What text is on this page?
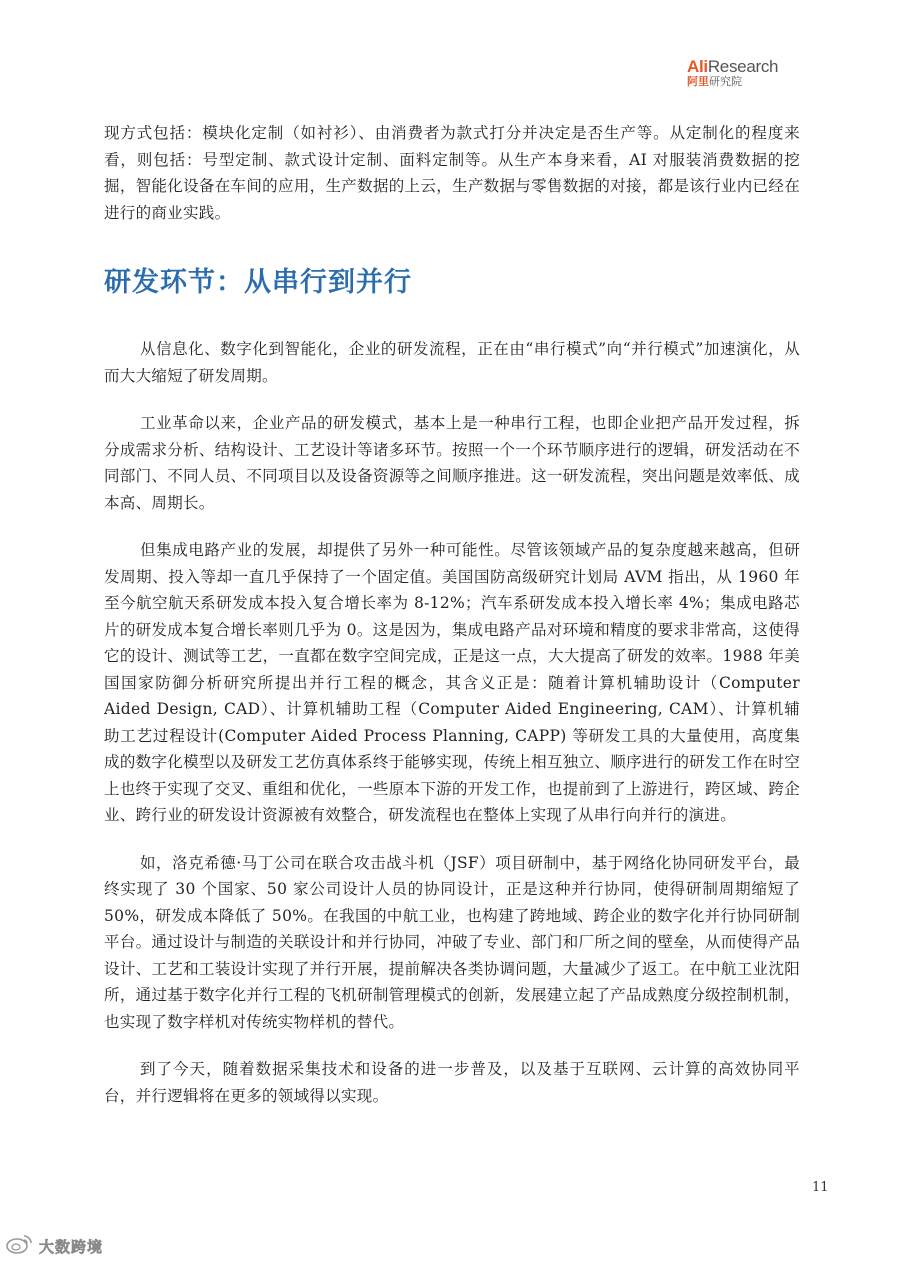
AliResearch
阿里研究院

现方式包括：模块化定制（如衬衫）、由消费者为款式打分并决定是否生产等。从定制化的程度来看，则包括：号型定制、款式设计定制、面料定制等。从生产本身来看，AI 对服装消费数据的挖掘，智能化设备在车间的应用，生产数据的上云，生产数据与零售数据的对接，都是该行业内已经在进行的商业实践。

研发环节：从串行到并行

从信息化、数字化到智能化，企业的研发流程，正在由“串行模式”向“并行模式”加速演化，从而大大缩短了研发周期。

工业革命以来，企业产品的研发模式，基本上是一种串行工程，也即企业把产品开发过程，拆分成需求分析、结构设计、工艺设计等诸多环节。按照一个一个环节顺序进行的逻辑，研发活动在不同部门、不同人员、不同项目以及设备资源等之间顺序推进。这一研发流程，突出问题是效率低、成本高、周期长。

但集成电路产业的发展，却提供了另外一种可能性。尽管该领域产品的复杂度越来越高，但研发周期、投入等却一直几乎保持了一个固定值。美国国防高级研究计划局 AVM 指出，从 1960 年至今航空航天系研发成本投入复合增长率为 8-12%；汽车系研发成本投入增长率 4%；集成电路芯片的研发成本复合增长率则几乎为 0。这是因为，集成电路产品对环境和精度的要求非常高，这使得它的设计、测试等工艺，一直都在数字空间完成，正是这一点，大大提高了研发的效率。1988 年美国国家防御分析研究所提出并行工程的概念，其含义正是：随着计算机辅助设计（Computer Aided Design, CAD）、计算机辅助工程（Computer Aided Engineering, CAM）、计算机辅助工艺过程设计(Computer Aided Process Planning, CAPP) 等研发工具的大量使用，高度集成的数字化模型以及研发工艺仿真体系终于能够实现，传统上相互独立、顺序进行的研发工作在时空上也终于实现了交叉、重组和优化，一些原本下游的开发工作，也提前到了上游进行，跨区域、跨企业、跨行业的研发设计资源被有效整合，研发流程也在整体上实现了从串行向并行的演进。

如，洛克希德·马丁公司在联合攻击战斗机（JSF）项目研制中，基于网络化协同研发平台，最终实现了 30 个国家、50 家公司设计人员的协同设计，正是这种并行协同，使得研制周期缩短了 50%，研发成本降低了 50%。在我国的中航工业，也构建了跨地域、跨企业的数字化并行协同研制平台。通过设计与制造的关联设计和并行协同，冲破了专业、部门和厂所之间的壁垒，从而使得产品设计、工艺和工装设计实现了并行开展，提前解决各类协调问题，大量减少了返工。在中航工业沈阳所，通过基于数字化并行工程的飞机研制管理模式的创新，发展建立起了产品成熟度分级控制机制，也实现了数字样机对传统实物样机的替代。

到了今天，随着数据采集技术和设备的进一步普及，以及基于互联网、云计算的高效协同平台，并行逻辑将在更多的领域得以实现。

11
大数跨境
